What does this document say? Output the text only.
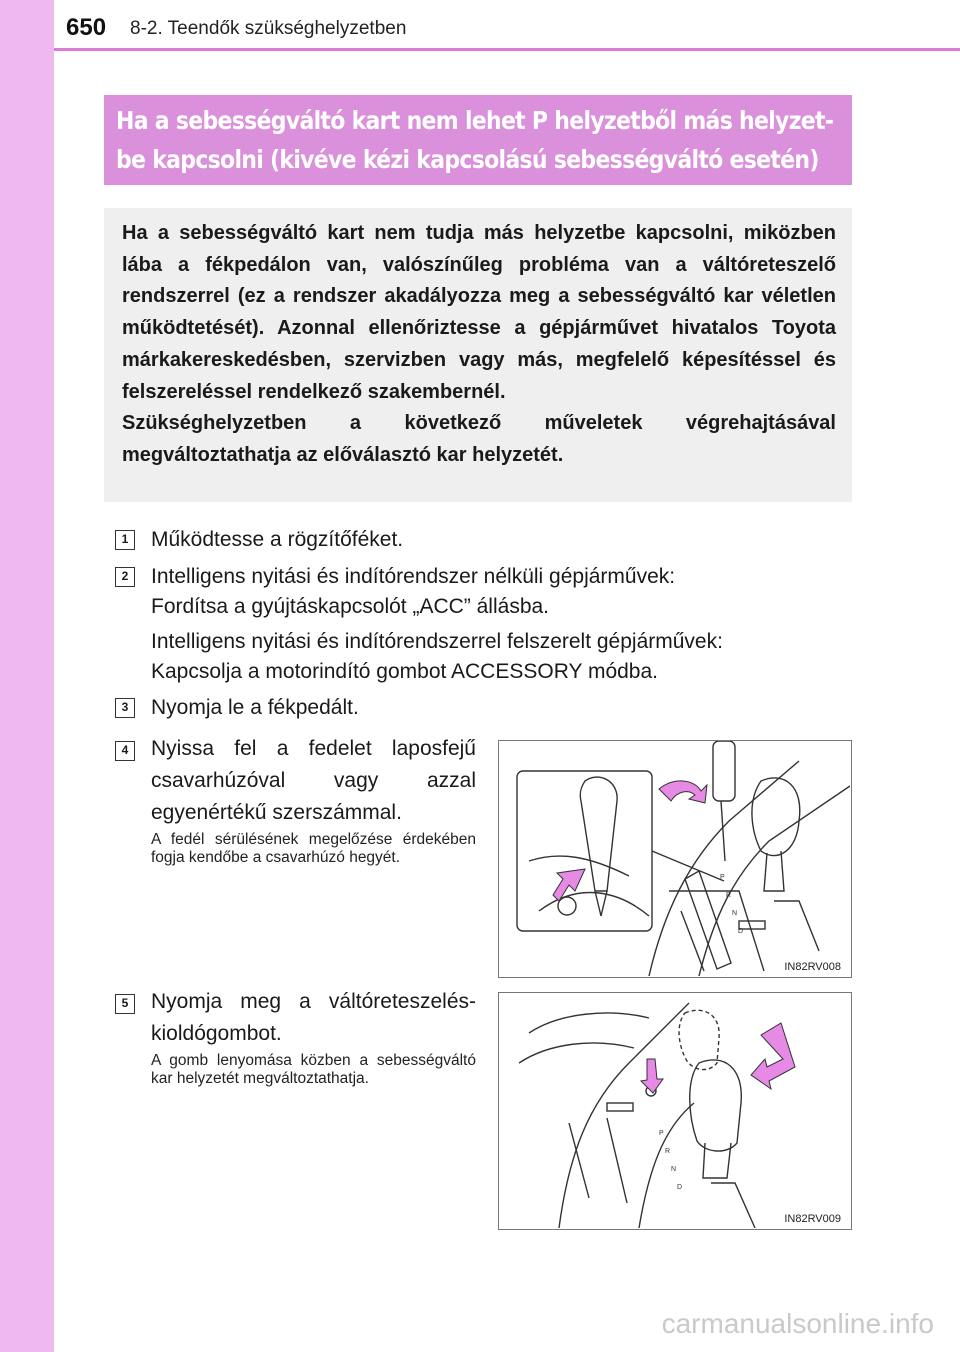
650 8-2. Teendők szükséghelyzetben
Ha a sebességváltó kart nem lehet P helyzetből más helyzet-
be kapcsolni (kivéve kézi kapcsolású sebességváltó esetén)

Ha a sebességváltó kart nem tudja más helyzetbe kapcsolni, miközben lába a fékpedálon van, valószínűleg probléma van a váltóreteszelő rendszerrel (ez a rendszer akadályozza meg a sebességváltó kar véletlen működtetését). Azonnal ellenőriztesse a gépjárművet hivatalos Toyota márkakereskedésben, szervizben vagy más, megfelelő képesítéssel és felszereléssel rendelkező szakembernél.

Szükséghelyzetben a következő műveletek végrehajtásával megváltoztathatja az előválasztó kar helyzetét.

1	Működtesse a rögzítőféket.
2	Intelligens nyitási és indítórendszer nélküli gépjárművek:
Fordítsa a gyújtáskapcsolót „ACC” állásba.
Intelligens nyitási és indítórendszerrel felszerelt gépjárművek:
Kapcsolja a motorindító gombot ACCESSORY módba.
3	Nyomja le a fékpedált.
4	Nyissa fel a fedelet laposfejű csavarhúzóval vagy azzal egyenértékű szerszámmal.
A fedél sérülésének megelőzése érdekében fogja kendőbe a csavarhúzó hegyét.
P
R
N
D
IN82RV008
5	Nyomja meg a váltóreteszelés-kioldógombot.
A gomb lenyomása közben a sebességváltó kar helyzetét megváltoztathatja.
P
R
N
D
IN82RV009
carmanualsonline.info
